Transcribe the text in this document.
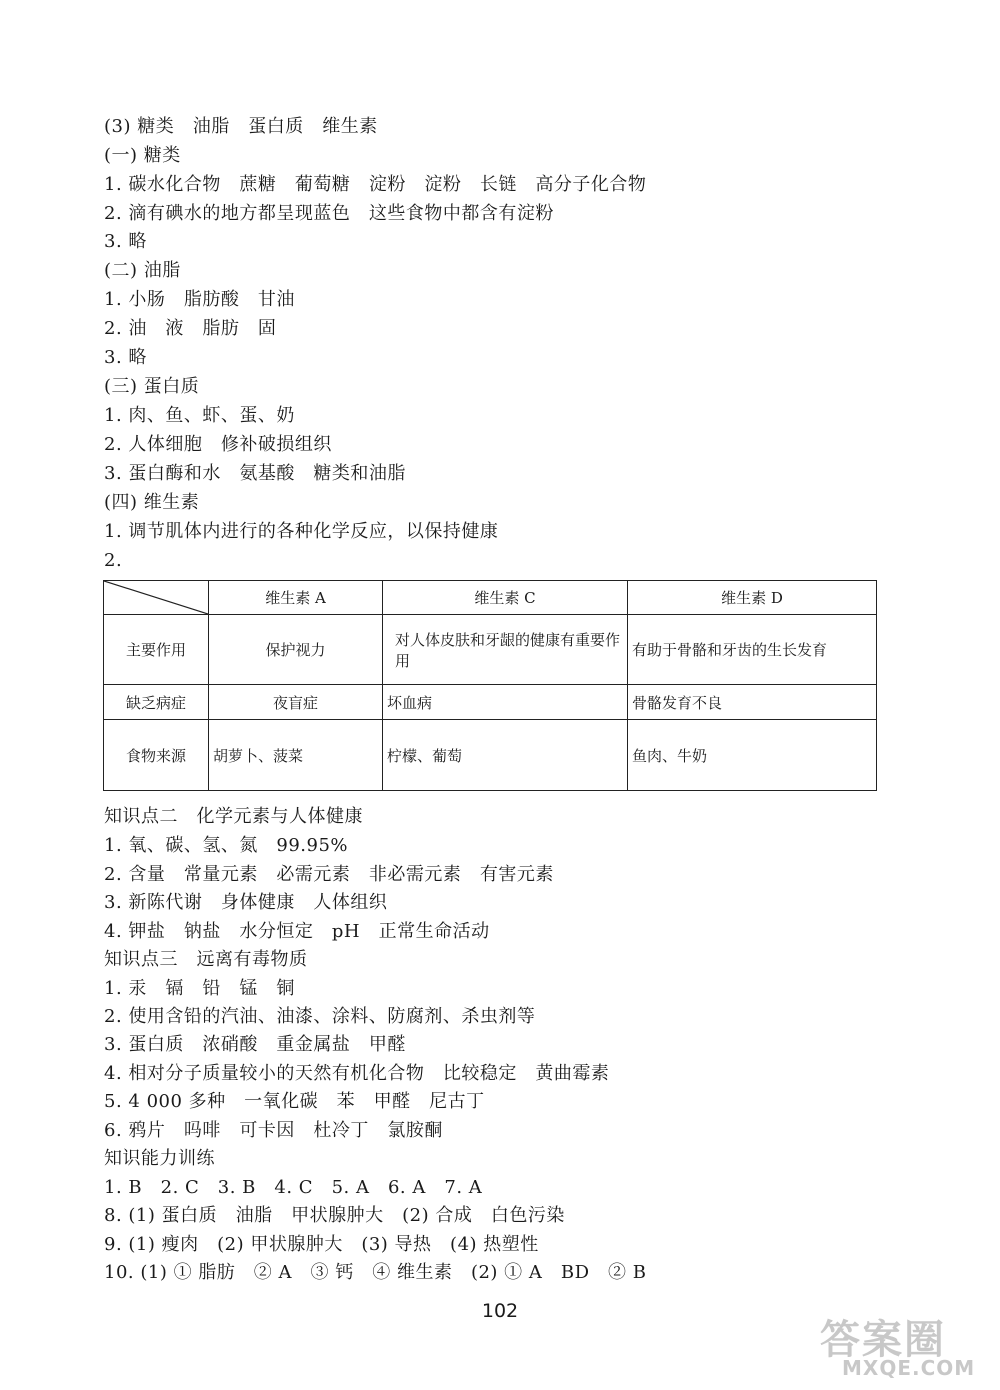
(3) 糖类　油脂　蛋白质　维生素
(一) 糖类
1. 碳水化合物　蔗糖　葡萄糖　淀粉　淀粉　长链　高分子化合物
2. 滴有碘水的地方都呈现蓝色　这些食物中都含有淀粉
3. 略
(二) 油脂
1. 小肠　脂肪酸　甘油
2. 油　液　脂肪　固
3. 略
(三) 蛋白质
1. 肉、鱼、虾、蛋、奶
2. 人体细胞　修补破损组织
3. 蛋白酶和水　氨基酸　糖类和油脂
(四) 维生素
1. 调节肌体内进行的各种化学反应，以保持健康
2.
	维生素 A	维生素 C	维生素 D
主要作用	保护视力	对人体皮肤和牙龈的健康有重要作用	有助于骨骼和牙齿的生长发育
缺乏病症	夜盲症	坏血病	骨骼发育不良
食物来源	胡萝卜、菠菜	柠檬、葡萄	鱼肉、牛奶
知识点二　化学元素与人体健康
1. 氧、碳、氢、氮　99.95%
2. 含量　常量元素　必需元素　非必需元素　有害元素
3. 新陈代谢　身体健康　人体组织
4. 钾盐　钠盐　水分恒定　pH　正常生命活动
知识点三　远离有毒物质
1. 汞　镉　铅　锰　铜
2. 使用含铅的汽油、油漆、涂料、防腐剂、杀虫剂等
3. 蛋白质　浓硝酸　重金属盐　甲醛
4. 相对分子质量较小的天然有机化合物　比较稳定　黄曲霉素
5. 4 000 多种　一氧化碳　苯　甲醛　尼古丁
6. 鸦片　吗啡　可卡因　杜冷丁　氯胺酮
知识能力训练
1. B　2. C　3. B　4. C　5. A　6. A　7. A
8. (1) 蛋白质　油脂　甲状腺肿大　(2) 合成　白色污染
9. (1) 瘦肉　(2) 甲状腺肿大　(3) 导热　(4) 热塑性
10. (1) ① 脂肪　② A　③ 钙　④ 维生素　(2) ① A　BD　② B
102
答案圈
MXQE.COM
